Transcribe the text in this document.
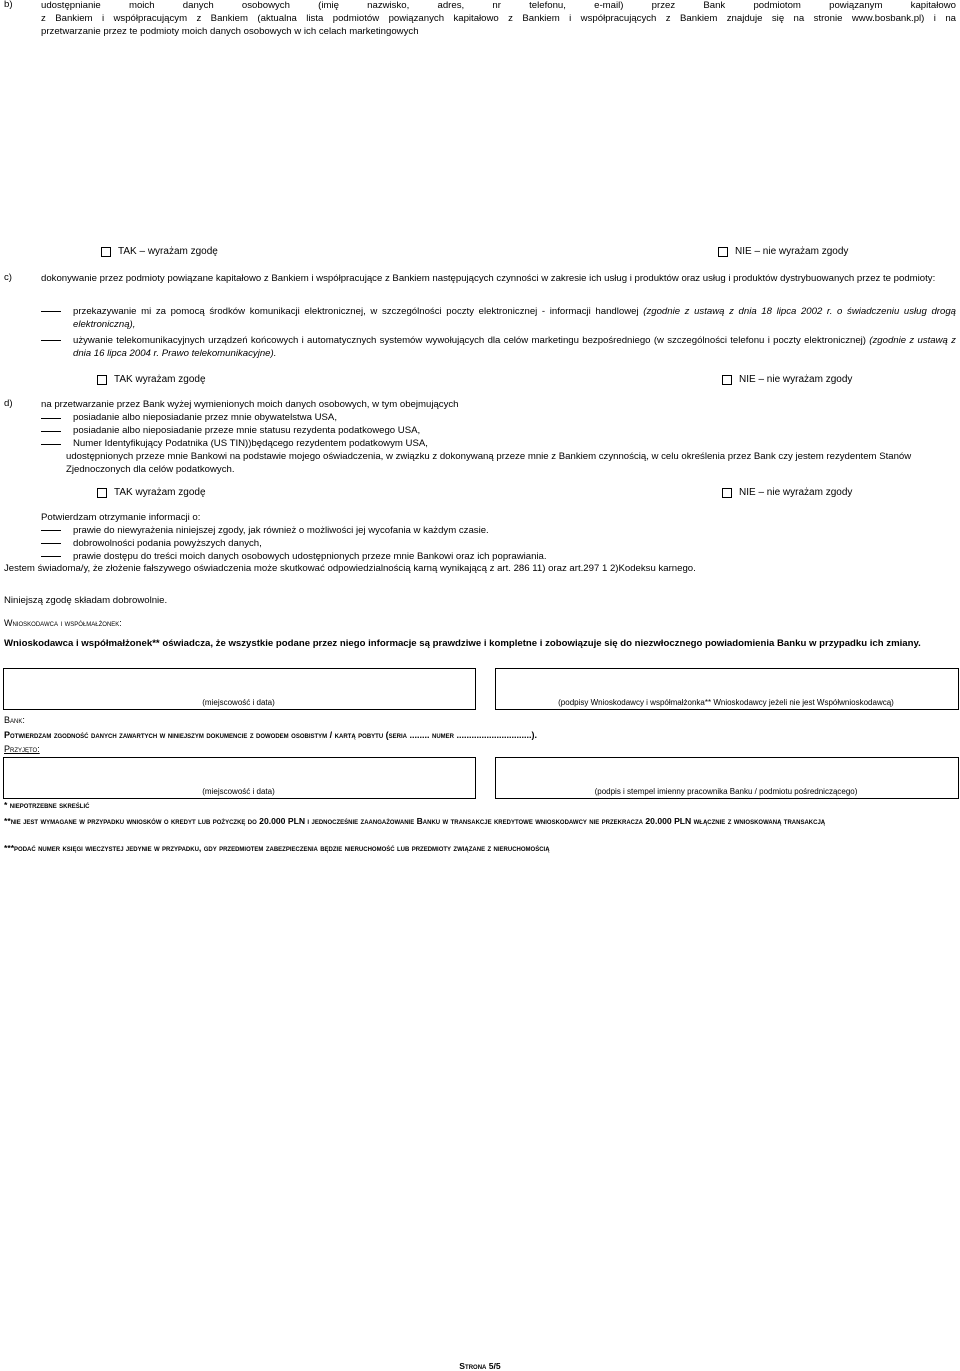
b)	udostępnianie moich danych osobowych (imię nazwisko, adres, nr telefonu, e-mail) przez Bank podmiotom powiązanym kapitałowo
z Bankiem i współpracującym z Bankiem (aktualna lista podmiotów powiązanych kapitałowo z Bankiem i współpracujących z Bankiem znajduje się na stronie www.bosbank.pl) i na
przetwarzanie przez te podmioty moich danych osobowych w ich celach marketingowych
TAK – wyrażam zgodę	NIE – nie wyrażam zgody
c)	dokonywanie przez podmioty powiązane kapitałowo z Bankiem i współpracujące z Bankiem następujących czynności w zakresie ich usług i produktów oraz usług i produktów dystrybuowanych przez te podmioty:
przekazywanie mi za pomocą środków komunikacji elektronicznej, w szczególności poczty elektronicznej - informacji handlowej (zgodnie z ustawą z dnia 18 lipca 2002 r. o świadczeniu usług drogą elektroniczną),
używanie telekomunikacyjnych urządzeń końcowych i automatycznych systemów wywołujących dla celów marketingu bezpośredniego (w szczególności telefonu i poczty elektronicznej) (zgodnie z ustawą z dnia 16 lipca 2004 r. Prawo telekomunikacyjne).
TAK wyrażam zgodę	NIE – nie wyrażam zgody
d)	na przetwarzanie przez Bank wyżej wymienionych moich danych osobowych, w tym obejmujących
posiadanie albo nieposiadanie przez mnie obywatelstwa USA,
posiadanie albo nieposiadanie przeze mnie statusu rezydenta podatkowego USA,
Numer Identyfikujący Podatnika (US TIN))będącego rezydentem podatkowym USA,
udostępnionych przeze mnie Bankowi na podstawie mojego oświadczenia, w związku z dokonywaną przeze mnie z Bankiem czynnością, w celu określenia przez Bank czy jestem rezydentem Stanów Zjednoczonych dla celów podatkowych.
TAK wyrażam zgodę	NIE – nie wyrażam zgody
Potwierdzam otrzymanie informacji o:
prawie do niewyrażenia niniejszej zgody, jak również o możliwości jej wycofania w każdym czasie.
dobrowolności podania powyższych danych,
prawie dostępu do treści moich danych osobowych udostępnionych przeze mnie Bankowi oraz ich poprawiania.
Jestem świadoma/y, że złożenie fałszywego oświadczenia może skutkować odpowiedzialnością karną wynikającą z art. 286 11) oraz art.297 1 2)Kodeksu karnego.
Niniejszą zgodę składam dobrowolnie.
Wnioskodawca i współmałżonek:
Wnioskodawca i współmałżonek** oświadcza, że wszystkie podane przez niego informacje są prawdziwe i kompletne i zobowiązuje się do niezwłocznego powiadomienia Banku w przypadku ich zmiany.
(miejscowość i data)	(podpisy Wnioskodawcy i współmałżonka** Wnioskodawcy jeżeli nie jest Współwnioskodawcą)
Bank:
Potwierdzam zgodność danych zawartych w niniejszym dokumencie z dowodem osobistym / kartą pobytu (seria ........ numer ..............................).
Przyjęto:
(miejscowość i data)	(podpis i stempel imienny pracownika Banku / podmiotu pośredniczącego)
* niepotrzebne skreślić
**nie jest wymagane w przypadku wniosków o kredyt lub pożyczkę do 20.000 PLN i jednocześnie zaangażowanie Banku w transakcje kredytowe wnioskodawcy nie przekracza 20.000 PLN włącznie z wnioskowaną transakcją
***podać numer księgi wieczystej jedynie w przypadku, gdy przedmiotem zabezpieczenia będzie nieruchomość lub przedmioty związane z nieruchomością
Strona 5/5
